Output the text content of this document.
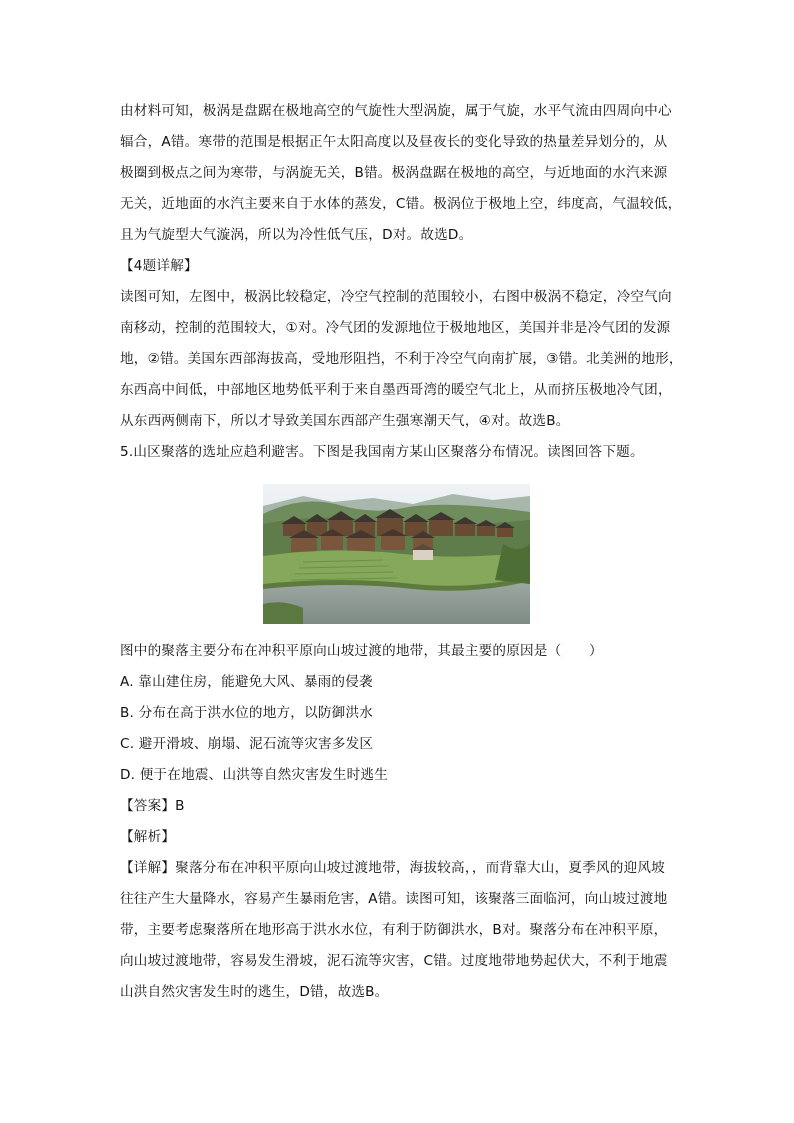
由材料可知，极涡是盘踞在极地高空的气旋性大型涡旋，属于气旋，水平气流由四周向中心
辐合，A错。寒带的范围是根据正午太阳高度以及昼夜长的变化导致的热量差异划分的，从
极圈到极点之间为寒带，与涡旋无关，B错。极涡盘踞在极地的高空，与近地面的水汽来源
无关，近地面的水汽主要来自于水体的蒸发，C错。极涡位于极地上空，纬度高，气温较低，
且为气旋型大气漩涡，所以为冷性低气压，D对。故选D。
【4题详解】
读图可知，左图中，极涡比较稳定，冷空气控制的范围较小，右图中极涡不稳定，冷空气向
南移动，控制的范围较大，①对。冷气团的发源地位于极地地区，美国并非是冷气团的发源
地，②错。美国东西部海拔高，受地形阻挡，不利于冷空气向南扩展，③错。北美洲的地形，
东西高中间低，中部地区地势低平利于来自墨西哥湾的暖空气北上，从而挤压极地冷气团，
从东西两侧南下，所以才导致美国东西部产生强寒潮天气，④对。故选B。
5.山区聚落的选址应趋利避害。下图是我国南方某山区聚落分布情况。读图回答下题。
图中的聚落主要分布在冲积平原向山坡过渡的地带，其最主要的原因是（　　）
A. 靠山建住房，能避免大风、暴雨的侵袭
B. 分布在高于洪水位的地方，以防御洪水
C. 避开滑坡、崩塌、泥石流等灾害多发区
D. 便于在地震、山洪等自然灾害发生时逃生
【答案】B
【解析】
【详解】聚落分布在冲积平原向山坡过渡地带，海拔较高，，而背靠大山，夏季风的迎风坡
往往产生大量降水，容易产生暴雨危害，A错。读图可知，该聚落三面临河，向山坡过渡地
带，主要考虑聚落所在地形高于洪水水位，有利于防御洪水，B对。聚落分布在冲积平原，
向山坡过渡地带，容易发生滑坡，泥石流等灾害，C错。过度地带地势起伏大，不利于地震
山洪自然灾害发生时的逃生，D错，故选B。
